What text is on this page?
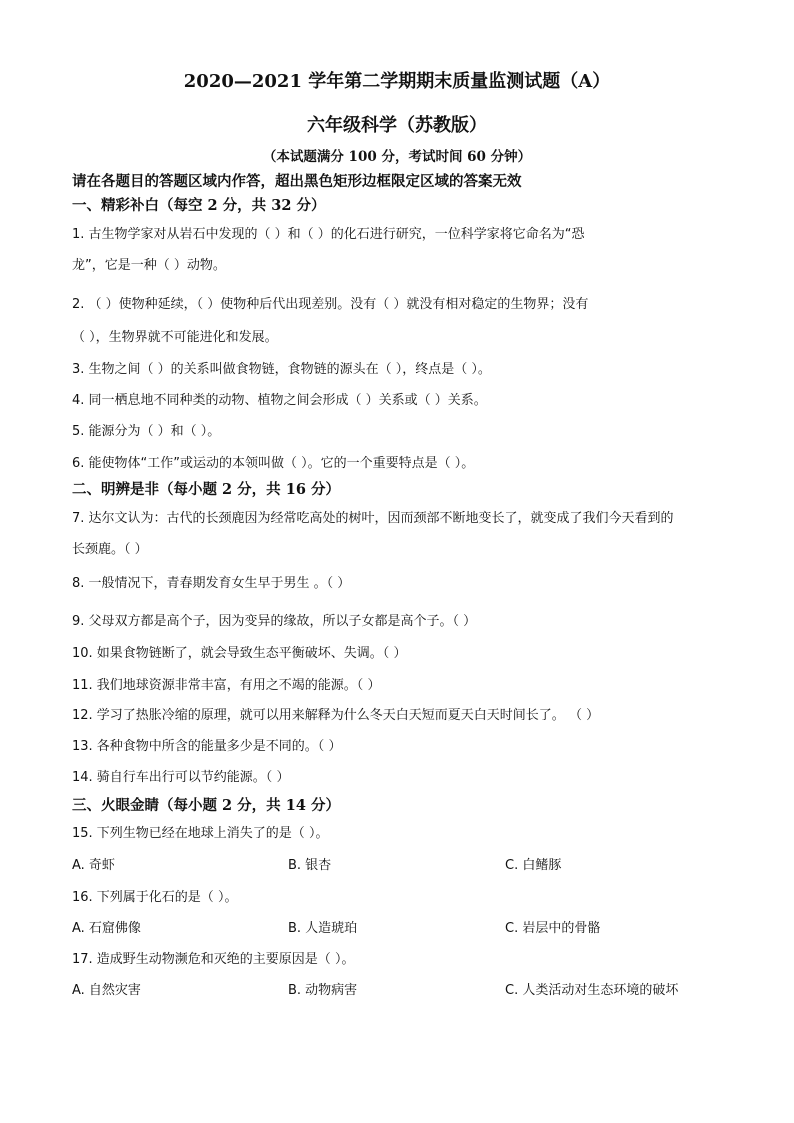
2020—2021 学年第二学期期末质量监测试题（A）
六年级科学（苏教版）
（本试题满分 100 分，考试时间 60 分钟）
请在各题目的答题区域内作答，超出黑色矩形边框限定区域的答案无效
一、精彩补白（每空 2 分，共 32 分）
1. 古生物学家对从岩石中发现的（ ）和（ ）的化石进行研究，一位科学家将它命名为“恐
龙”，它是一种（ ）动物。
2. （ ）使物种延续，（ ）使物种后代出现差别。没有（ ）就没有相对稳定的生物界；没有
（ ），生物界就不可能进化和发展。
3. 生物之间（ ）的关系叫做食物链，食物链的源头在（ ），终点是（ ）。
4. 同一栖息地不同种类的动物、植物之间会形成（ ）关系或（ ）关系。
5. 能源分为（ ）和（ ）。
6. 能使物体“工作”或运动的本领叫做（ ）。它的一个重要特点是（ ）。
二、明辨是非（每小题 2 分，共 16 分）
7. 达尔文认为：古代的长颈鹿因为经常吃高处的树叶，因而颈部不断地变长了，就变成了我们今天看到的
长颈鹿。（ ）
8. 一般情况下，青春期发育女生早于男生 。（ ）
9. 父母双方都是高个子，因为变异的缘故，所以子女都是高个子。（ ）
10. 如果食物链断了，就会导致生态平衡破坏、失调。（ ）
11. 我们地球资源非常丰富，有用之不竭的能源。（ ）
12. 学习了热胀冷缩的原理，就可以用来解释为什么冬天白天短而夏天白天时间长了。 （ ）
13. 各种食物中所含的能量多少是不同的。（ ）
14. 骑自行车出行可以节约能源。（ ）
三、火眼金睛（每小题 2 分，共 14 分）
15. 下列生物已经在地球上消失了的是（ ）。
A. 奇虾	B. 银杏	C. 白鳍豚
16. 下列属于化石的是（ ）。
A. 石窟佛像	B. 人造琥珀	C. 岩层中的骨骼
17. 造成野生动物濒危和灭绝的主要原因是（ ）。
A. 自然灾害	B. 动物病害	C. 人类活动对生态环境的破坏
